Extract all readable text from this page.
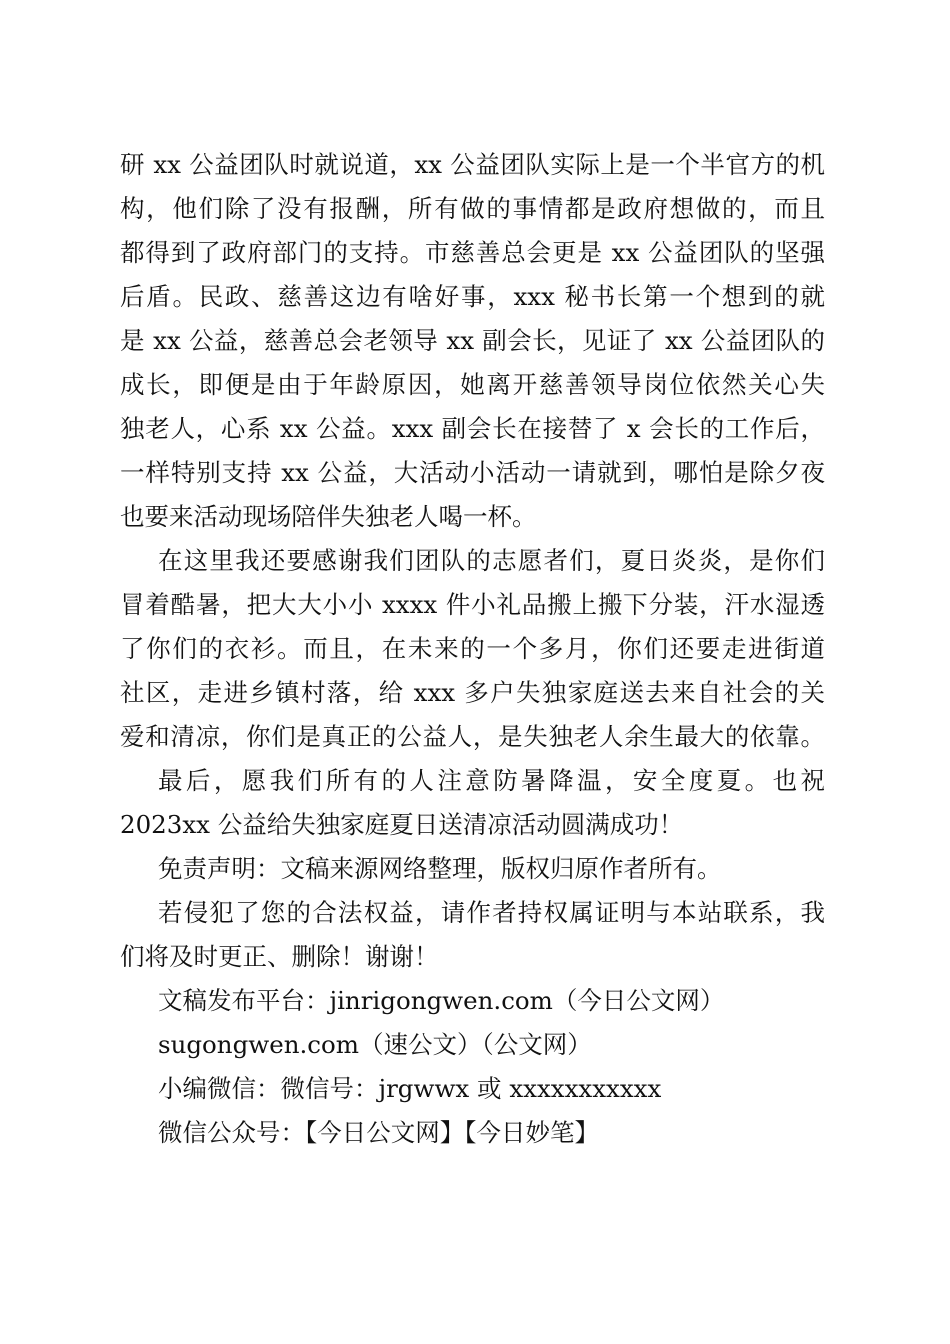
研 xx 公益团队时就说道，xx 公益团队实际上是一个半官方的机
构，他们除了没有报酬，所有做的事情都是政府想做的，而且
都得到了政府部门的支持。市慈善总会更是 xx 公益团队的坚强
后盾。民政、慈善这边有啥好事，xxx 秘书长第一个想到的就
是 xx 公益，慈善总会老领导 xx 副会长，见证了 xx 公益团队的
成长，即便是由于年龄原因，她离开慈善领导岗位依然关心失
独老人，心系 xx 公益。xxx 副会长在接替了 x 会长的工作后，
一样特别支持 xx 公益，大活动小活动一请就到，哪怕是除夕夜
也要来活动现场陪伴失独老人喝一杯。
在这里我还要感谢我们团队的志愿者们，夏日炎炎，是你们
冒着酷暑，把大大小小 xxxx 件小礼品搬上搬下分装，汗水湿透
了你们的衣衫。而且，在未来的一个多月，你们还要走进街道
社区，走进乡镇村落，给 xxx 多户失独家庭送去来自社会的关
爱和清凉，你们是真正的公益人，是失独老人余生最大的依靠。
最后，愿我们所有的人注意防暑降温，安全度夏。也祝
2023xx 公益给失独家庭夏日送清凉活动圆满成功！
免责声明：文稿来源网络整理，版权归原作者所有。
若侵犯了您的合法权益，请作者持权属证明与本站联系，我
们将及时更正、删除！谢谢！
文稿发布平台：jinrigongwen.com（今日公文网）
sugongwen.com（速公文）（公文网）
小编微信：微信号：jrgwwx 或 xxxxxxxxxxx
微信公众号：【今日公文网】【今日妙笔】
